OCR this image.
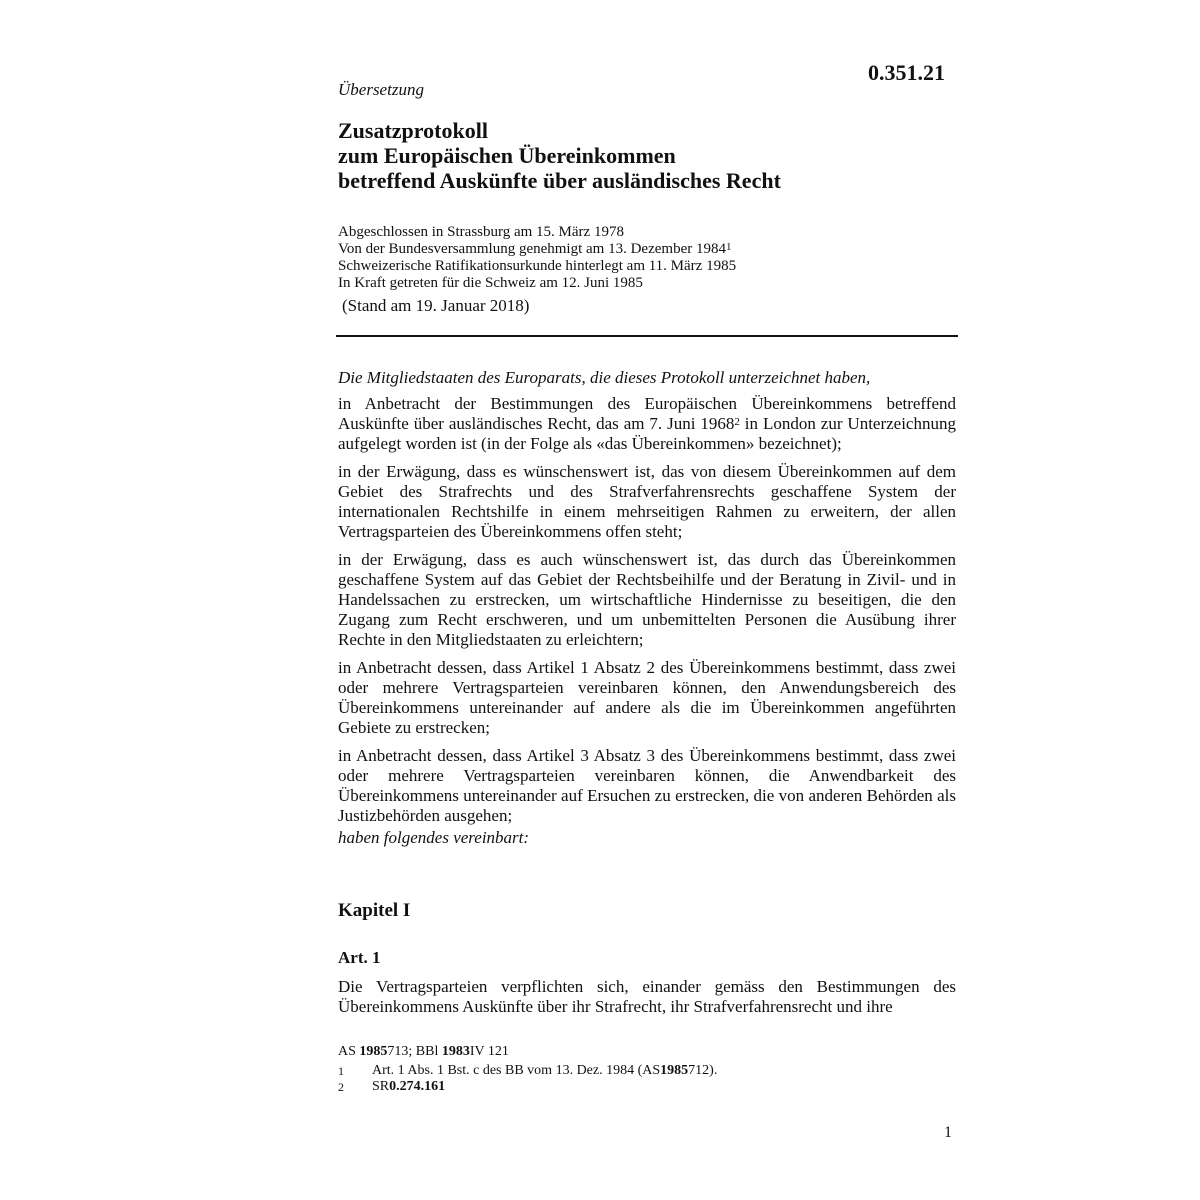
0.351.21
Übersetzung
Zusatzprotokoll
zum Europäischen Übereinkommen
betreffend Auskünfte über ausländisches Recht
Abgeschlossen in Strassburg am 15. März 1978
Von der Bundesversammlung genehmigt am 13. Dezember 1984$^1$
Schweizerische Ratifikationsurkunde hinterlegt am 11. März 1985
In Kraft getreten für die Schweiz am 12. Juni 1985
(Stand am 19. Januar 2018)

Die Mitgliedstaaten des Europarats, die dieses Protokoll unterzeichnet haben,

in Anbetracht der Bestimmungen des Europäischen Übereinkommens betreffend Auskünfte über ausländisches Recht, das am 7. Juni 1968$^2$ in London zur Unterzeichnung aufgelegt worden ist (in der Folge als «das Übereinkommen» bezeichnet);

in der Erwägung, dass es wünschenswert ist, das von diesem Übereinkommen auf dem Gebiet des Strafrechts und des Strafverfahrensrechts geschaffene System der internationalen Rechtshilfe in einem mehrseitigen Rahmen zu erweitern, der allen Vertragsparteien des Übereinkommens offen steht;

in der Erwägung, dass es auch wünschenswert ist, das durch das Übereinkommen geschaffene System auf das Gebiet der Rechtsbeihilfe und der Beratung in Zivil- und in Handelssachen zu erstrecken, um wirtschaftliche Hindernisse zu beseitigen, die den Zugang zum Recht erschweren, und um unbemittelten Personen die Ausübung ihrer Rechte in den Mitgliedstaaten zu erleichtern;

in Anbetracht dessen, dass Artikel 1 Absatz 2 des Übereinkommens bestimmt, dass zwei oder mehrere Vertragsparteien vereinbaren können, den Anwendungsbereich des Übereinkommens untereinander auf andere als die im Übereinkommen angeführten Gebiete zu erstrecken;

in Anbetracht dessen, dass Artikel 3 Absatz 3 des Übereinkommens bestimmt, dass zwei oder mehrere Vertragsparteien vereinbaren können, die Anwendbarkeit des Übereinkommens untereinander auf Ersuchen zu erstrecken, die von anderen Behörden als Justizbehörden ausgehen;

haben folgendes vereinbart:

Kapitel I
Art. 1

Die Vertragsparteien verpflichten sich, einander gemäss den Bestimmungen des Übereinkommens Auskünfte über ihr Strafrecht, ihr Strafverfahrensrecht und ihre

AS
1985 713; BBl
1983 IV 121
1	Art. 1 Abs. 1 Bst. c des BB vom 13. Dez. 1984 (AS 1985 712).
2	SR 0.274.161
1
